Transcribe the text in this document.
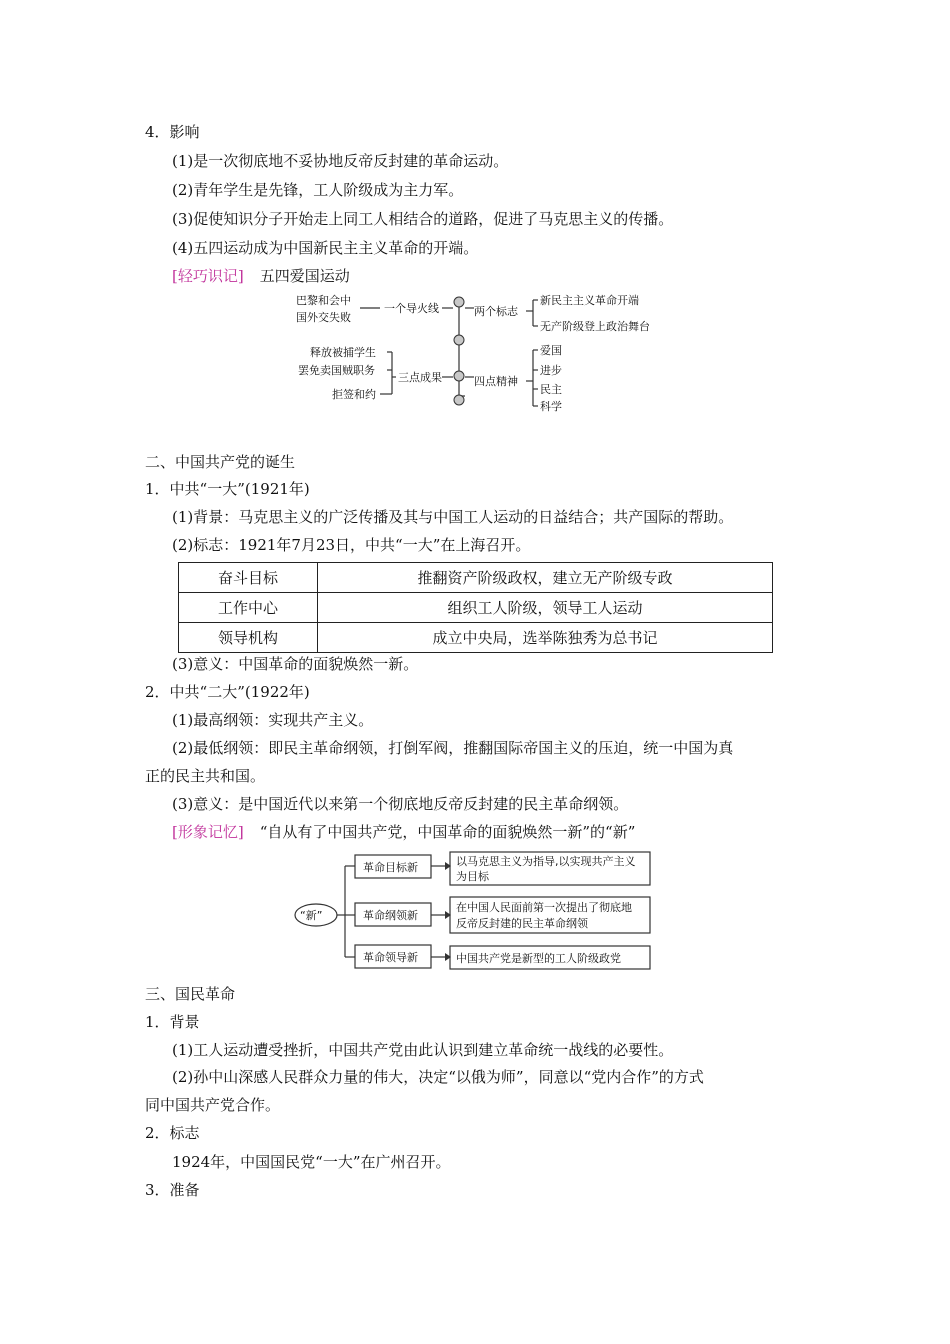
4．影响
(1)是一次彻底地不妥协地反帝反封建的革命运动。
(2)青年学生是先锋，工人阶级成为主力军。
(3)促使知识分子开始走上同工人相结合的道路，促进了马克思主义的传播。
(4)五四运动成为中国新民主主义革命的开端。
[轻巧识记] 五四爱国运动
巴黎和会中
国外交失败
一个导火线
释放被捕学生
罢免卖国贼职务
拒签和约
三点成果
两个标志
新民主主义革命开端
无产阶级登上政治舞台
四点精神
爱国
进步
民主
科学
二、中国共产党的诞生
1．中共“一大”(1921年)
(1)背景：马克思主义的广泛传播及其与中国工人运动的日益结合；共产国际的帮助。
(2)标志：1921年7月23日，中共“一大”在上海召开。
奋斗目标	推翻资产阶级政权，建立无产阶级专政
工作中心	组织工人阶级，领导工人运动
领导机构	成立中央局，选举陈独秀为总书记
(3)意义：中国革命的面貌焕然一新。
2．中共“二大”(1922年)
(1)最高纲领：实现共产主义。
(2)最低纲领：即民主革命纲领，打倒军阀，推翻国际帝国主义的压迫，统一中国为真
正的民主共和国。
(3)意义：是中国近代以来第一个彻底地反帝反封建的民主革命纲领。
[形象记忆] “自从有了中国共产党，中国革命的面貌焕然一新”的“新”
“新”
革命目标新
革命纲领新
革命领导新
以马克思主义为指导,以实现共产主义
为目标
在中国人民面前第一次提出了彻底地
反帝反封建的民主革命纲领
中国共产党是新型的工人阶级政党
三、国民革命
1．背景
(1)工人运动遭受挫折，中国共产党由此认识到建立革命统一战线的必要性。
(2)孙中山深感人民群众力量的伟大，决定“以俄为师”，同意以“党内合作”的方式
同中国共产党合作。
2．标志
1924年，中国国民党“一大”在广州召开。
3．准备
